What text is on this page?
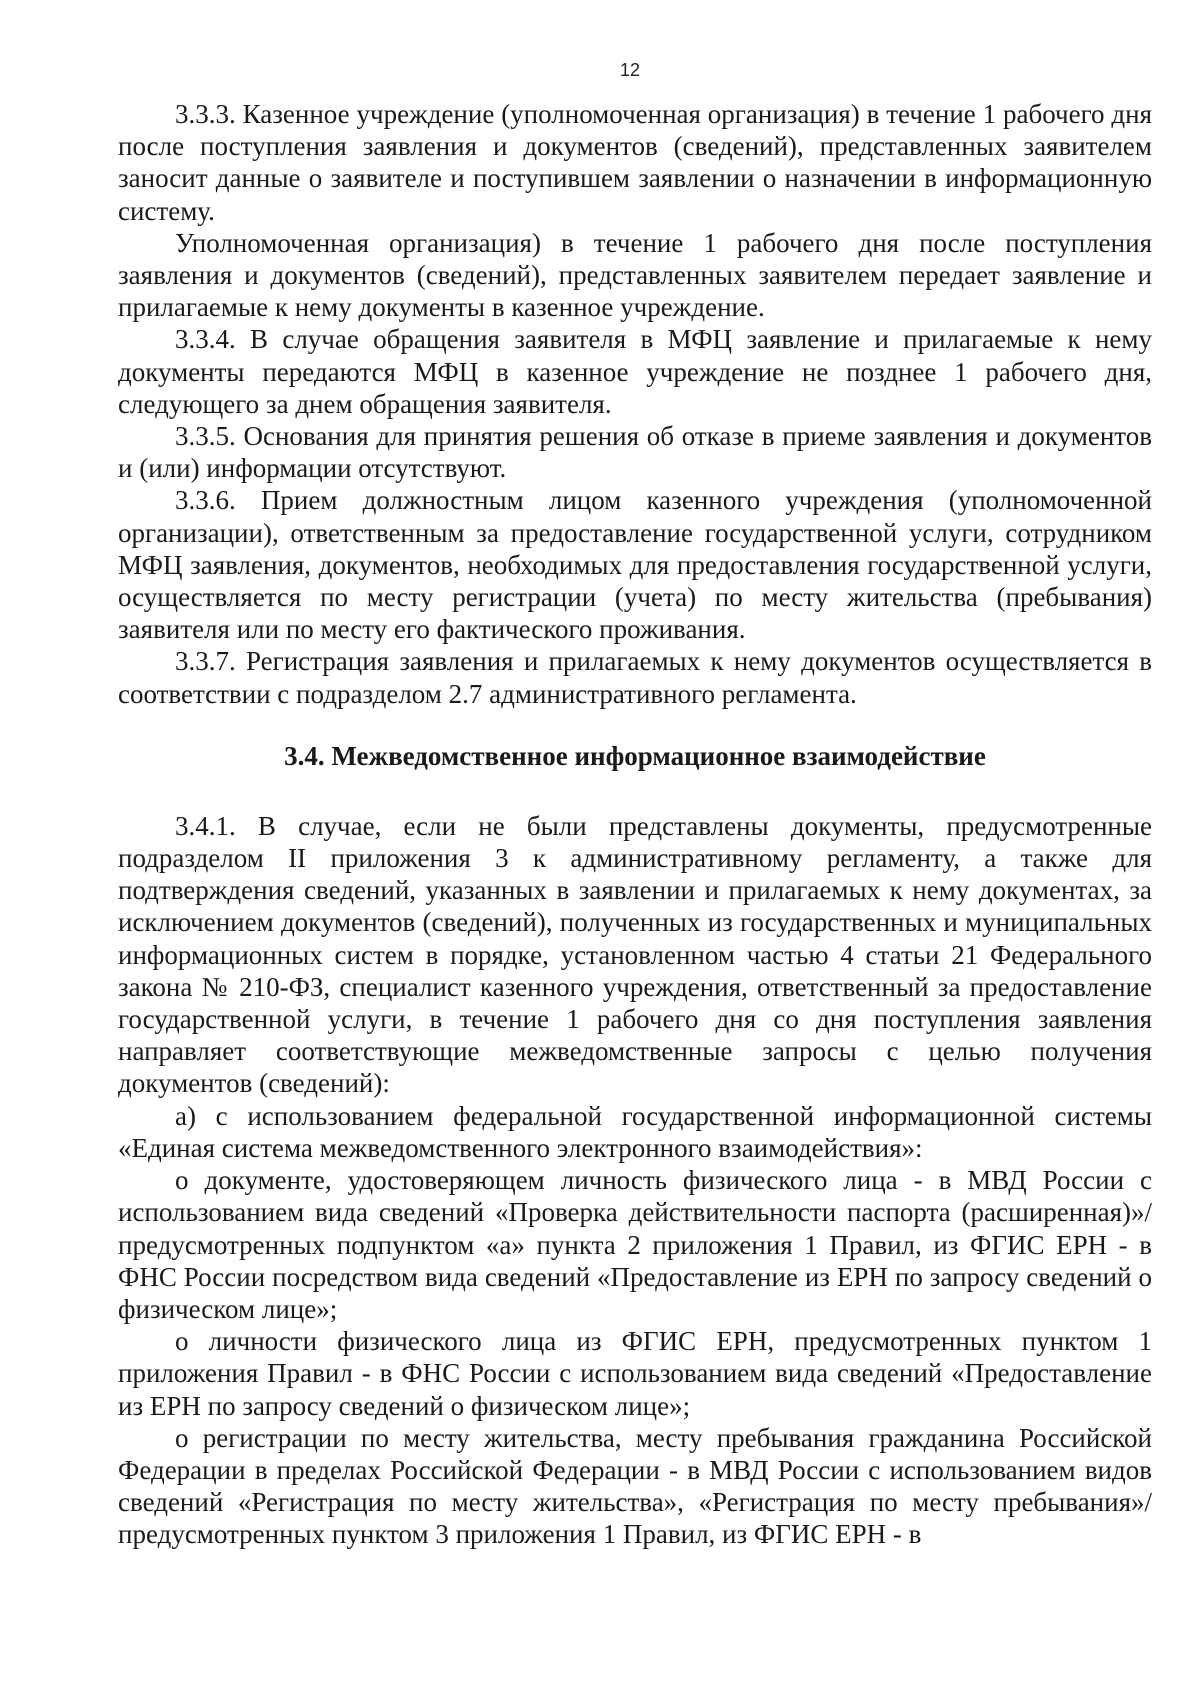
12

3.3.3. Казенное учреждение (уполномоченная организация) в течение 1 рабочего дня после поступления заявления и документов (сведений), представленных заявителем заносит данные о заявителе и поступившем заявлении о назначении в информационную систему.

Уполномоченная организация) в течение 1 рабочего дня после поступления заявления и документов (сведений), представленных заявителем передает заявление и прилагаемые к нему документы в казенное учреждение.

3.3.4. В случае обращения заявителя в МФЦ заявление и прилагаемые к нему документы передаются МФЦ в казенное учреждение не позднее 1 рабочего дня, следующего за днем обращения заявителя.

3.3.5. Основания для принятия решения об отказе в приеме заявления и документов и (или) информации отсутствуют.

3.3.6. Прием должностным лицом казенного учреждения (уполномоченной организации), ответственным за предоставление государственной услуги, сотрудником МФЦ заявления, документов, необходимых для предоставления государственной услуги, осуществляется по месту регистрации (учета) по месту жительства (пребывания) заявителя или по месту его фактического проживания.

3.3.7. Регистрация заявления и прилагаемых к нему документов осуществляется в соответствии с подразделом 2.7 административного регламента.

3.4. Межведомственное информационное взаимодействие

3.4.1. В случае, если не были представлены документы, предусмотренные подразделом II приложения 3 к административному регламенту, а также для подтверждения сведений, указанных в заявлении и прилагаемых к нему документах, за исключением документов (сведений), полученных из государственных и муниципальных информационных систем в порядке, установленном частью 4 статьи 21 Федерального закона № 210-ФЗ, специалист казенного учреждения, ответственный за предоставление государственной услуги, в течение 1 рабочего дня со дня поступления заявления направляет соответствующие межведомственные запросы с целью получения документов (сведений):

а) с использованием федеральной государственной информационной системы «Единая система межведомственного электронного взаимодействия»:

о документе, удостоверяющем личность физического лица - в МВД России с использованием вида сведений «Проверка действительности паспорта (расширенная)»/предусмотренных подпунктом «а» пункта 2 приложения 1 Правил, из ФГИС ЕРН - в ФНС России посредством вида сведений «Предоставление из ЕРН по запросу сведений о физическом лице»;

о личности физического лица из ФГИС ЕРН, предусмотренных пунктом 1 приложения Правил - в ФНС России с использованием вида сведений «Предоставление из ЕРН по запросу сведений о физическом лице»;

о регистрации по месту жительства, месту пребывания гражданина Российской Федерации в пределах Российской Федерации - в МВД России с использованием видов сведений «Регистрация по месту жительства», «Регистрация по месту пребывания»/предусмотренных пунктом 3 приложения 1 Правил, из ФГИС ЕРН - в
